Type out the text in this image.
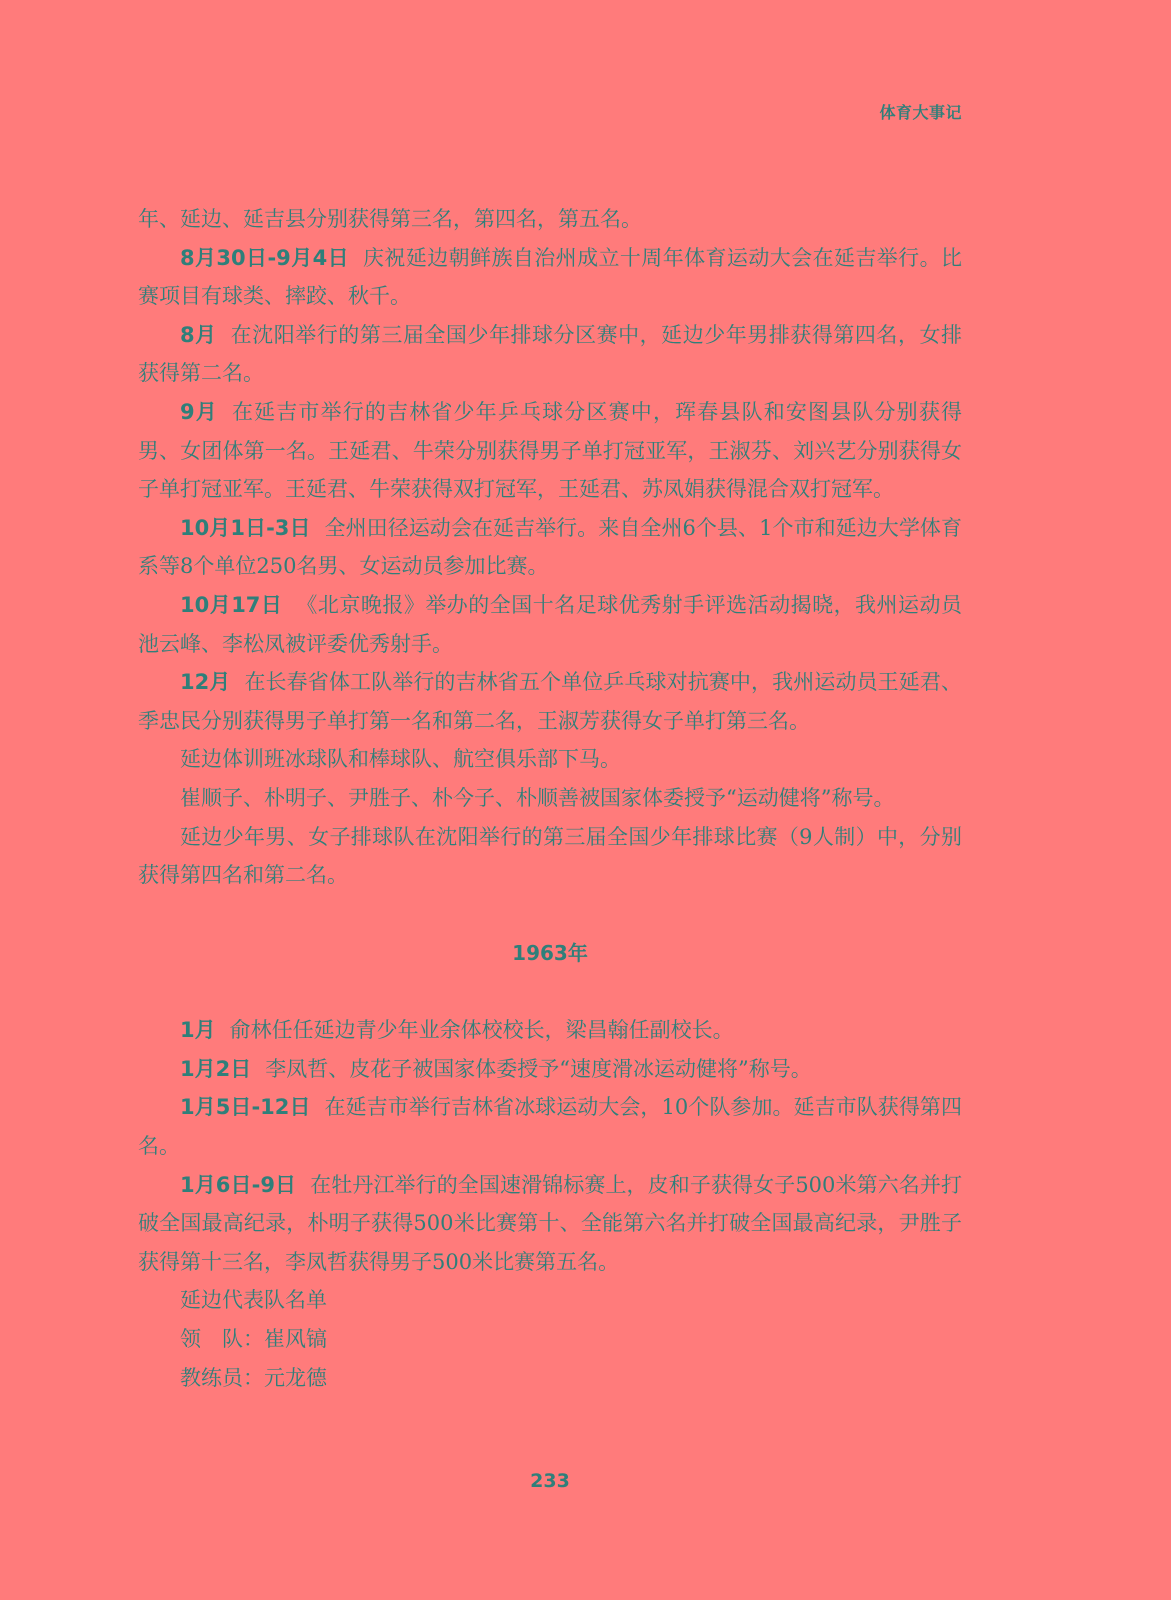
体育大事记

年、延边、延吉县分别获得第三名，第四名，第五名。

8月30日-9月4日 庆祝延边朝鲜族自治州成立十周年体育运动大会在延吉举行。比赛项目有球类、摔跤、秋千。

8月 在沈阳举行的第三届全国少年排球分区赛中，延边少年男排获得第四名，女排获得第二名。

9月 在延吉市举行的吉林省少年乒乓球分区赛中，珲春县队和安图县队分别获得男、女团体第一名。王延君、牛荣分别获得男子单打冠亚军，王淑芬、刘兴艺分别获得女子单打冠亚军。王延君、牛荣获得双打冠军，王延君、苏凤娟获得混合双打冠军。

10月1日-3日 全州田径运动会在延吉举行。来自全州6个县、1个市和延边大学体育系等8个单位250名男、女运动员参加比赛。

10月17日 《北京晚报》举办的全国十名足球优秀射手评选活动揭晓，我州运动员池云峰、李松凤被评委优秀射手。

12月 在长春省体工队举行的吉林省五个单位乒乓球对抗赛中，我州运动员王延君、季忠民分别获得男子单打第一名和第二名，王淑芳获得女子单打第三名。

延边体训班冰球队和棒球队、航空俱乐部下马。

崔顺子、朴明子、尹胜子、朴今子、朴顺善被国家体委授予“运动健将”称号。

延边少年男、女子排球队在沈阳举行的第三届全国少年排球比赛（9人制）中，分别获得第四名和第二名。

1963年

1月 俞林任任延边青少年业余体校校长，梁昌翰任副校长。

1月2日 李凤哲、皮花子被国家体委授予“速度滑冰运动健将”称号。

1月5日-12日 在延吉市举行吉林省冰球运动大会，10个队参加。延吉市队获得第四名。

1月6日-9日 在牡丹江举行的全国速滑锦标赛上，皮和子获得女子500米第六名并打破全国最高纪录，朴明子获得500米比赛第十、全能第六名并打破全国最高纪录，尹胜子获得第十三名，李凤哲获得男子500米比赛第五名。

延边代表队名单

领　队：崔风镐

教练员：元龙德

233
